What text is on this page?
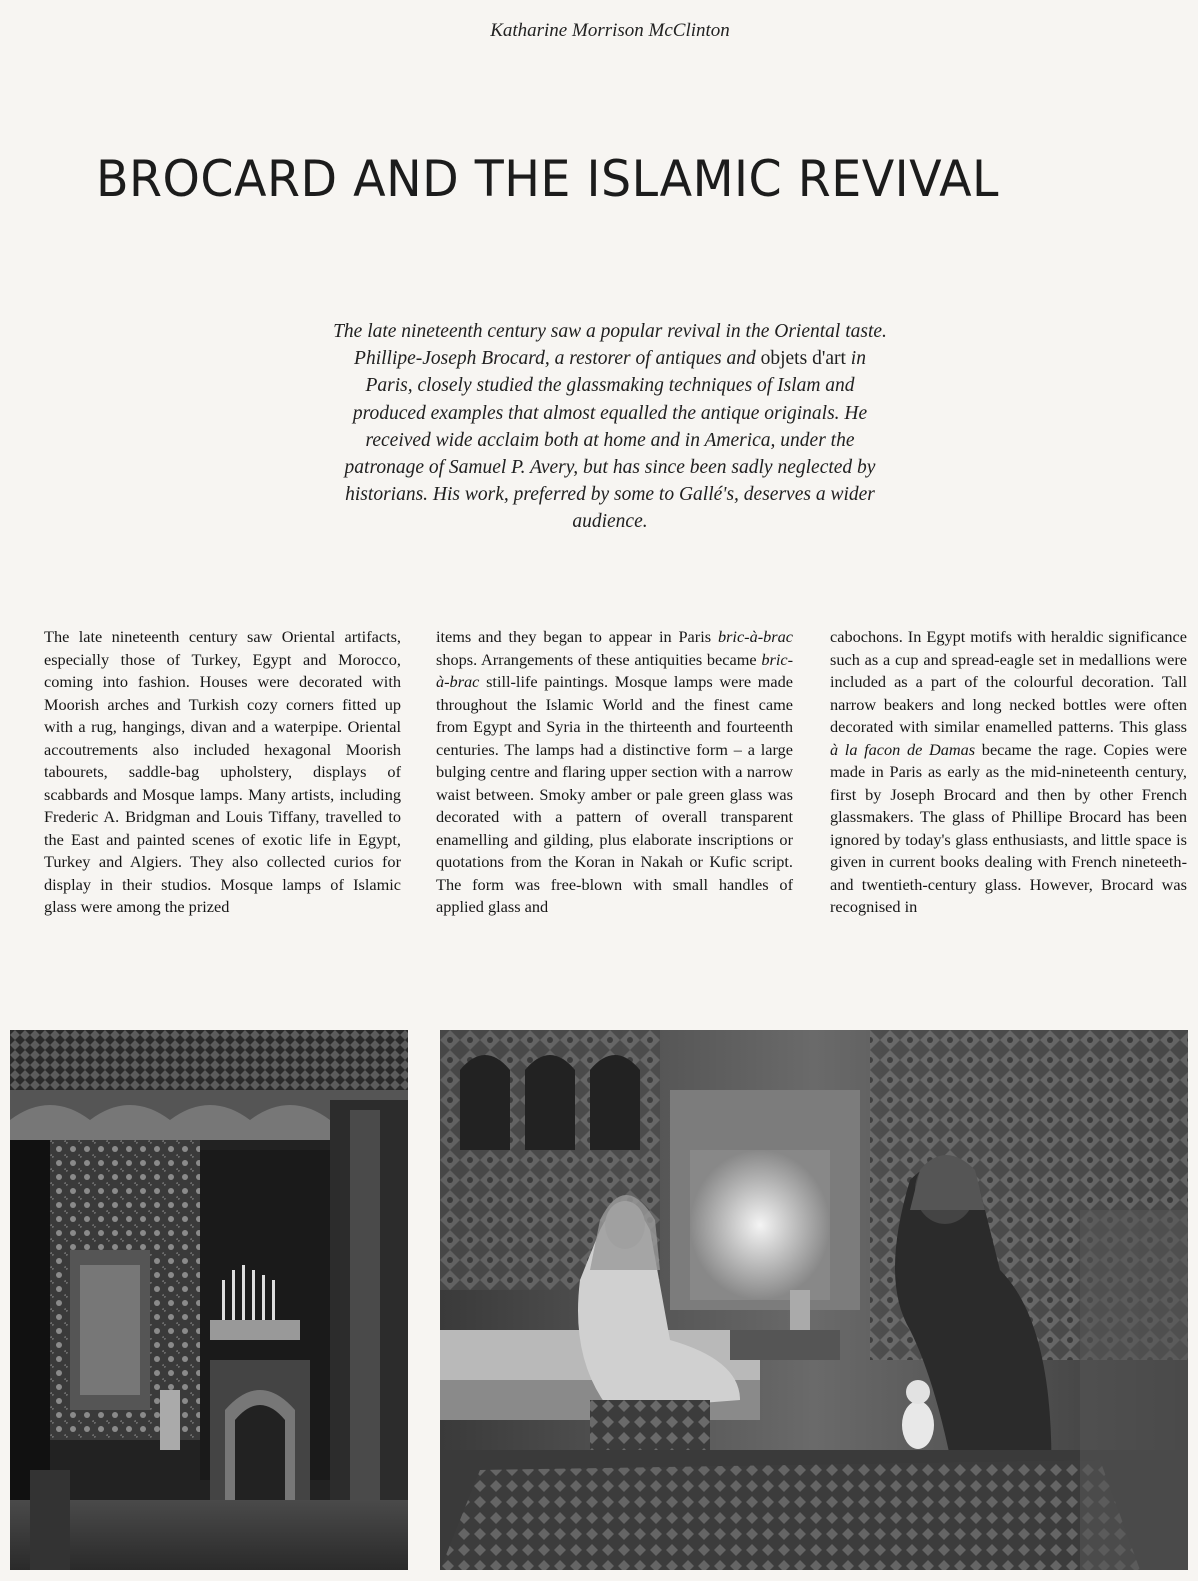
Katharine Morrison McClinton
BROCARD AND THE ISLAMIC REVIVAL

The late nineteenth century saw a popular revival in the Oriental taste. Phillipe-Joseph Brocard, a restorer of antiques and objets d'art in Paris, closely studied the glassmaking techniques of Islam and produced examples that almost equalled the antique originals. He received wide acclaim both at home and in America, under the patronage of Samuel P. Avery, but has since been sadly neglected by historians. His work, preferred by some to Gallé's, deserves a wider audience.

The late nineteenth century saw Oriental artifacts, especially those of Turkey, Egypt and Morocco, coming into fashion. Houses were decorated with Moorish arches and Turkish cozy corners fitted up with a rug, hangings, divan and a waterpipe. Oriental accoutrements also included hexagonal Moorish tabourets, saddle-bag upholstery, displays of scabbards and Mosque lamps. Many artists, including Frederic A. Bridgman and Louis Tiffany, travelled to the East and painted scenes of exotic life in Egypt, Turkey and Algiers. They also collected curios for display in their studios. Mosque lamps of Islamic glass were among the prized

items and they began to appear in Paris bric-à-brac shops. Arrangements of these antiquities became bric-à-brac still-life paintings. Mosque lamps were made throughout the Islamic World and the finest came from Egypt and Syria in the thirteenth and fourteenth centuries. The lamps had a distinctive form – a large bulging centre and flaring upper section with a narrow waist between. Smoky amber or pale green glass was decorated with a pattern of overall transparent enamelling and gilding, plus elaborate inscriptions or quotations from the Koran in Nakah or Kufic script. The form was free-blown with small handles of applied glass and

cabochons. In Egypt motifs with heraldic significance such as a cup and spread-eagle set in medallions were included as a part of the colourful decoration. Tall narrow beakers and long necked bottles were often decorated with similar enamelled patterns. This glass à la facon de Damas became the rage. Copies were made in Paris as early as the mid-nineteenth century, first by Joseph Brocard and then by other French glassmakers. The glass of Phillipe Brocard has been ignored by today's glass enthusiasts, and little space is given in current books dealing with French nineteeth- and twentieth-century glass. However, Brocard was recognised in
